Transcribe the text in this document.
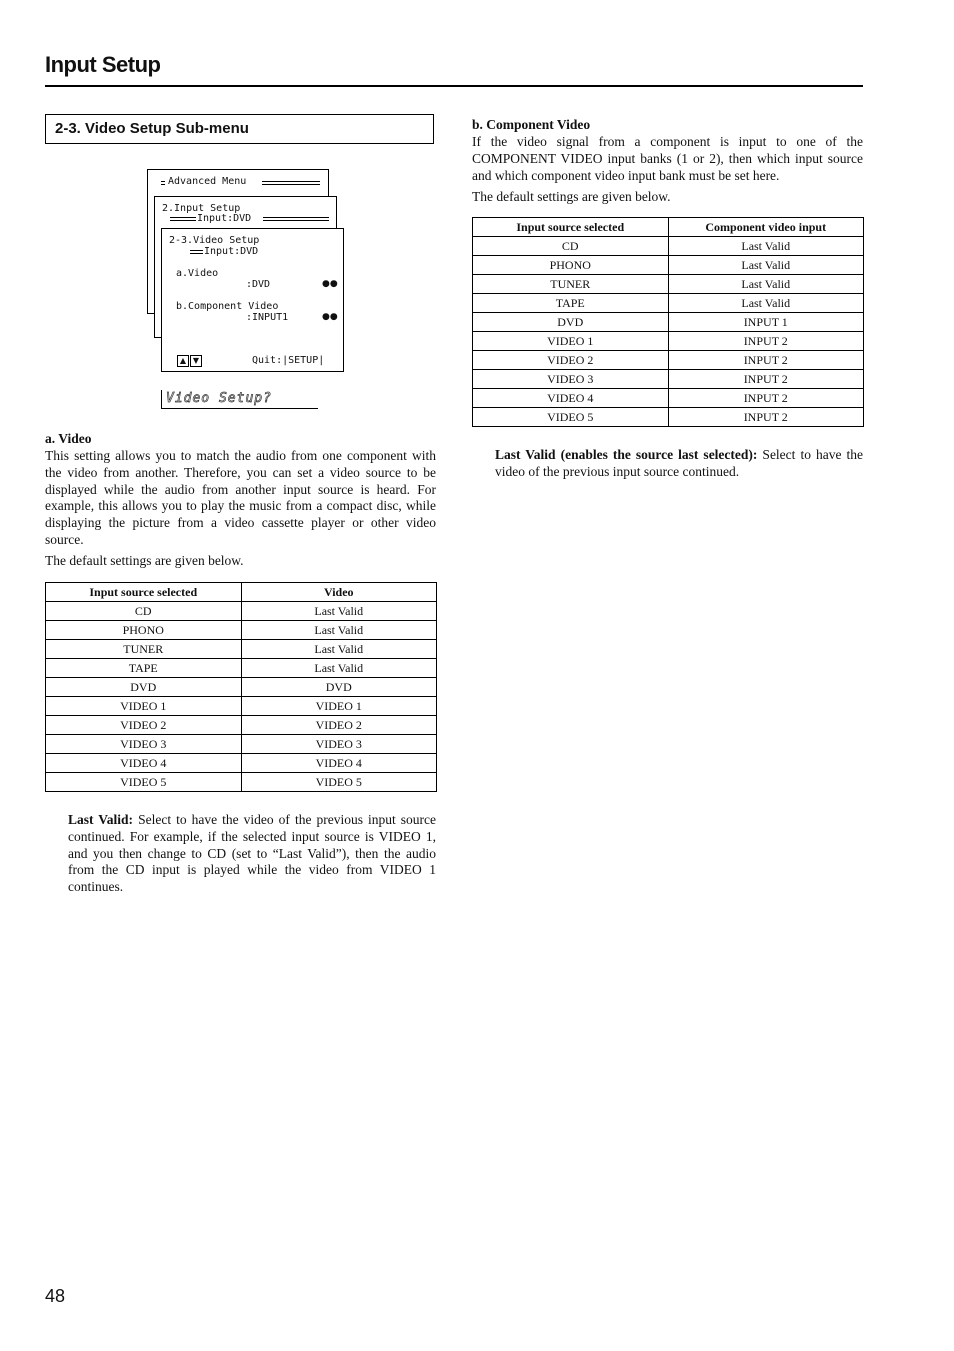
Input Setup
2-3. Video Setup Sub-menu
Advanced Menu
2.Input Setup
Input:DVD
2-3.Video Setup
Input:DVD
a.Video
:DVD	●●
b.Component Video
:INPUT1	●●
▲ ▼	Quit:|SETUP|
Video Setup?
a. Video
This setting allows you to match the audio from one component with the video from another. Therefore, you can set a video source to be displayed while the audio from another input source is heard. For example, this allows you to play the music from a compact disc, while displaying the picture from a video cassette player or other video source.
The default settings are given below.
Input source selected	Video
CD	Last Valid
PHONO	Last Valid
TUNER	Last Valid
TAPE	Last Valid
DVD	DVD
VIDEO 1	VIDEO 1
VIDEO 2	VIDEO 2
VIDEO 3	VIDEO 3
VIDEO 4	VIDEO 4
VIDEO 5	VIDEO 5
Last Valid: Select to have the video of the previous input source continued. For example, if the selected input source is VIDEO 1, and you then change to CD (set to “Last Valid”), then the audio from the CD input is played while the video from VIDEO 1 continues.
b. Component Video
If the video signal from a component is input to one of the COMPONENT VIDEO input banks (1 or 2), then which input source and which component video input bank must be set here.
The default settings are given below.
Input source selected	Component video input
CD	Last Valid
PHONO	Last Valid
TUNER	Last Valid
TAPE	Last Valid
DVD	INPUT 1
VIDEO 1	INPUT 2
VIDEO 2	INPUT 2
VIDEO 3	INPUT 2
VIDEO 4	INPUT 2
VIDEO 5	INPUT 2
Last Valid (enables the source last selected): Select to have the video of the previous input source continued.
48
